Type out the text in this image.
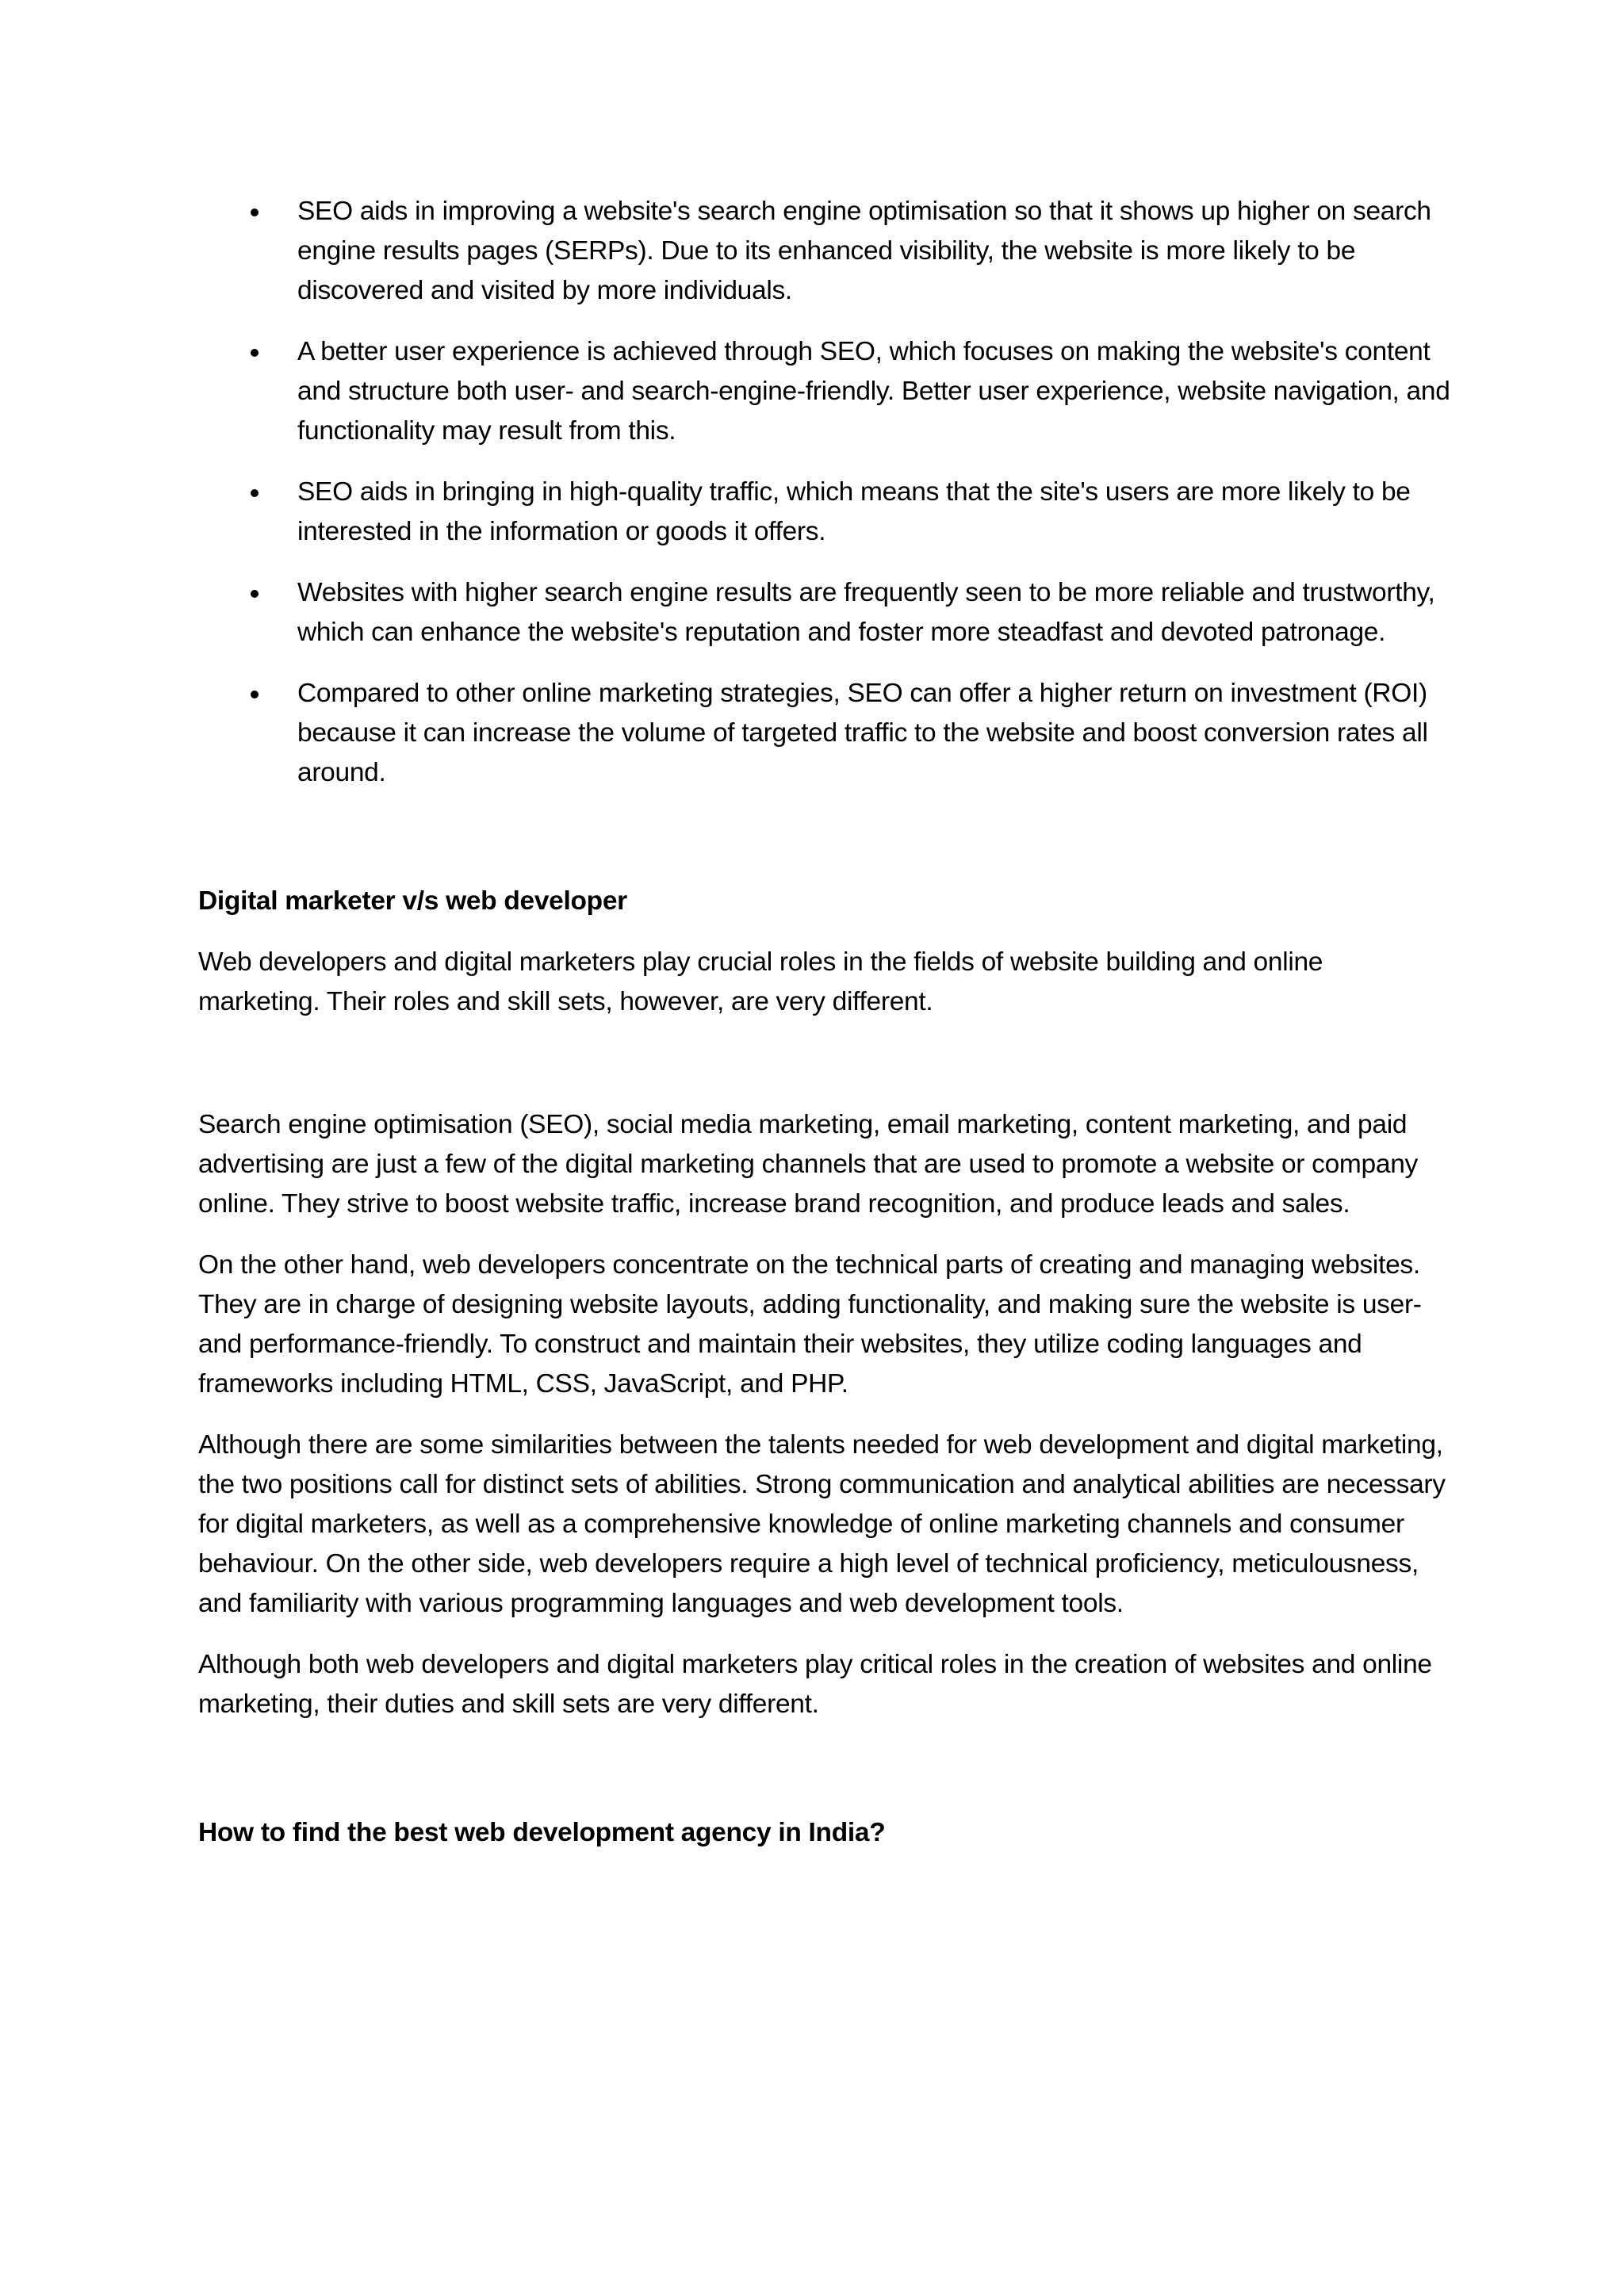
SEO aids in improving a website's search engine optimisation so that it shows up higher on search engine results pages (SERPs). Due to its enhanced visibility, the website is more likely to be discovered and visited by more individuals.
A better user experience is achieved through SEO, which focuses on making the website's content and structure both user- and search-engine-friendly. Better user experience, website navigation, and functionality may result from this.
SEO aids in bringing in high-quality traffic, which means that the site's users are more likely to be interested in the information or goods it offers.
Websites with higher search engine results are frequently seen to be more reliable and trustworthy, which can enhance the website's reputation and foster more steadfast and devoted patronage.
Compared to other online marketing strategies, SEO can offer a higher return on investment (ROI) because it can increase the volume of targeted traffic to the website and boost conversion rates all around.
Digital marketer v/s web developer

Web developers and digital marketers play crucial roles in the fields of website building and online marketing. Their roles and skill sets, however, are very different.

Search engine optimisation (SEO), social media marketing, email marketing, content marketing, and paid advertising are just a few of the digital marketing channels that are used to promote a website or company online. They strive to boost website traffic, increase brand recognition, and produce leads and sales.

On the other hand, web developers concentrate on the technical parts of creating and managing websites. They are in charge of designing website layouts, adding functionality, and making sure the website is user- and performance-friendly. To construct and maintain their websites, they utilize coding languages and frameworks including HTML, CSS, JavaScript, and PHP.

Although there are some similarities between the talents needed for web development and digital marketing, the two positions call for distinct sets of abilities. Strong communication and analytical abilities are necessary for digital marketers, as well as a comprehensive knowledge of online marketing channels and consumer behaviour. On the other side, web developers require a high level of technical proficiency, meticulousness, and familiarity with various programming languages and web development tools.

Although both web developers and digital marketers play critical roles in the creation of websites and online marketing, their duties and skill sets are very different.

How to find the best web development agency in India?
